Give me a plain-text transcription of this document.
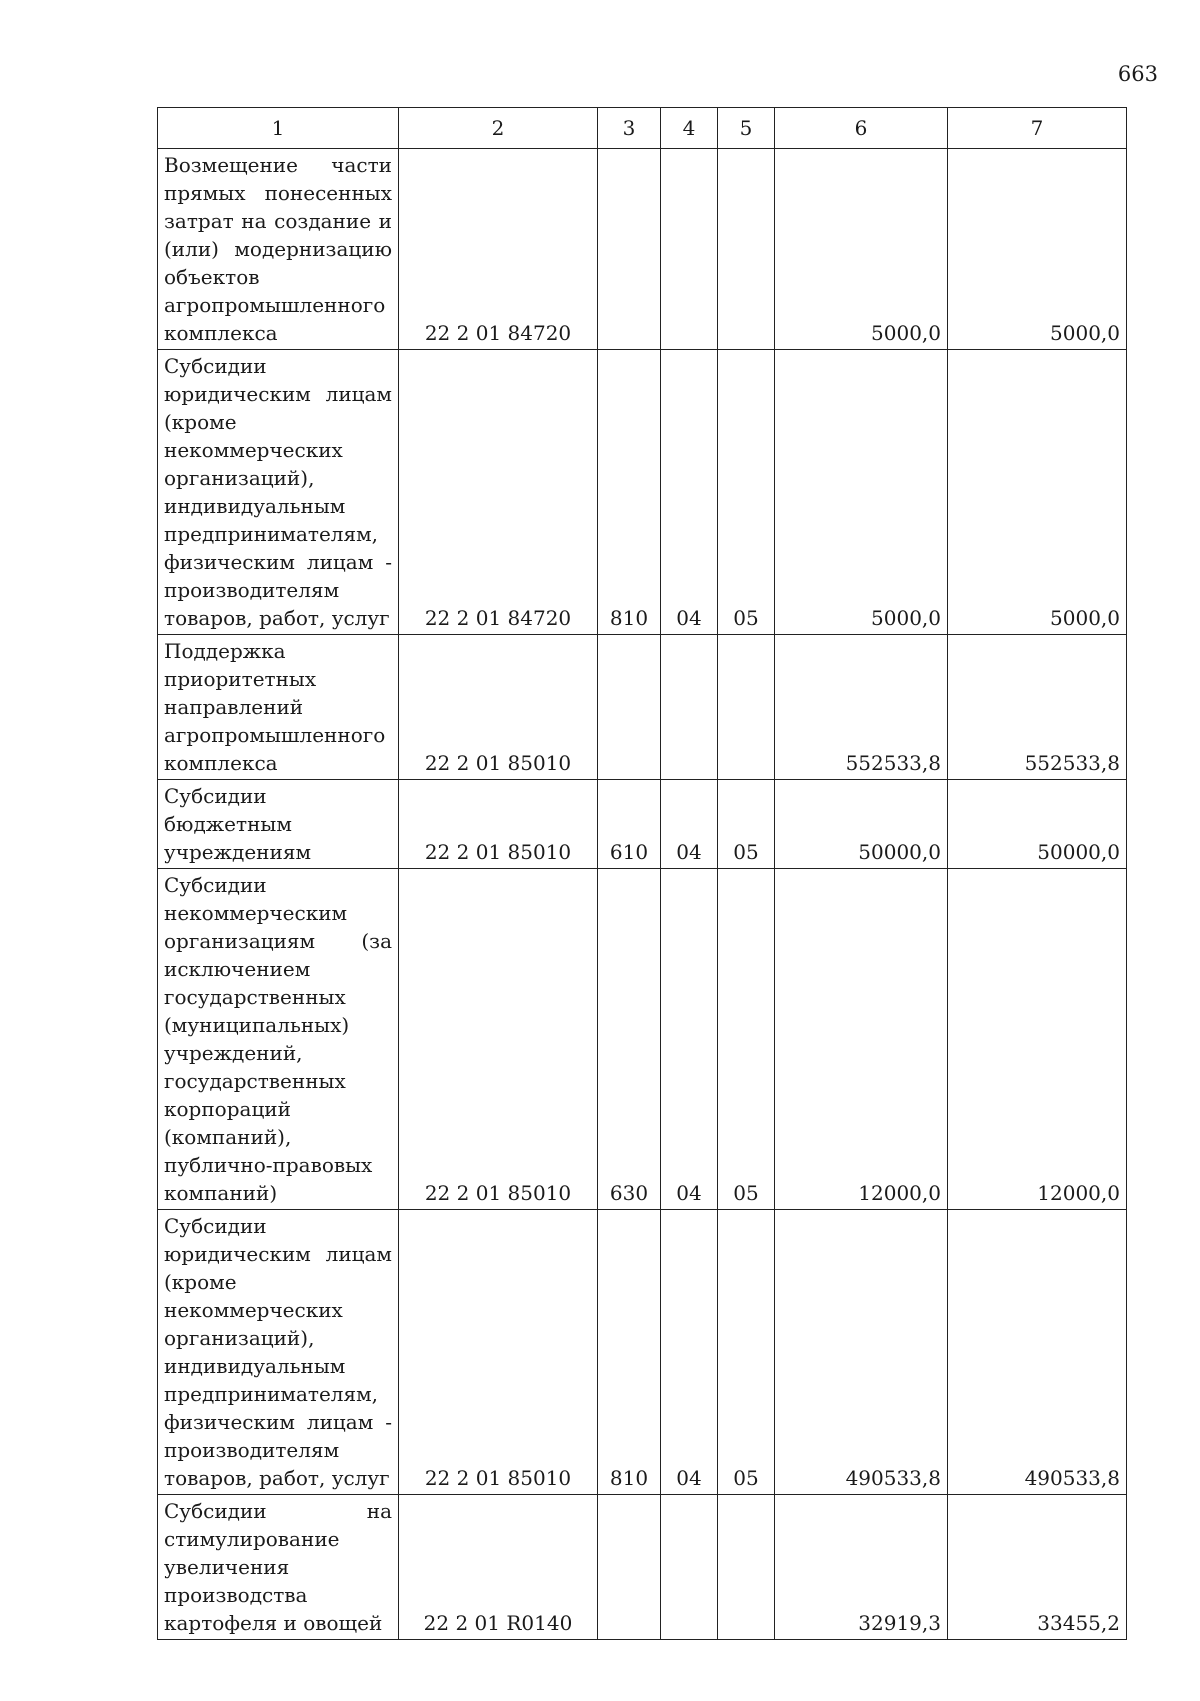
663
1	2	3	4	5	6	7
Возмещение части прямых понесенных затрат на создание и (или) модернизацию объектов агропромышленного комплекса	22 2 01 84720				5000,0	5000,0
Субсидии юридическим лицам (кроме некоммерческих организаций), индивидуальным предпринимателям, физическим лицам - производителям товаров, работ, услуг	22 2 01 84720	810	04	05	5000,0	5000,0
Поддержка приоритетных направлений агропромышленного комплекса	22 2 01 85010				552533,8	552533,8
Субсидии бюджетным учреждениям	22 2 01 85010	610	04	05	50000,0	50000,0
Субсидии некоммерческим организациям (за исключением государственных (муниципальных) учреждений, государственных корпораций (компаний), публично-правовых компаний)	22 2 01 85010	630	04	05	12000,0	12000,0
Субсидии юридическим лицам (кроме некоммерческих организаций), индивидуальным предпринимателям, физическим лицам - производителям товаров, работ, услуг	22 2 01 85010	810	04	05	490533,8	490533,8
Субсидии на стимулирование увеличения производства картофеля и овощей	22 2 01 R0140				32919,3	33455,2
